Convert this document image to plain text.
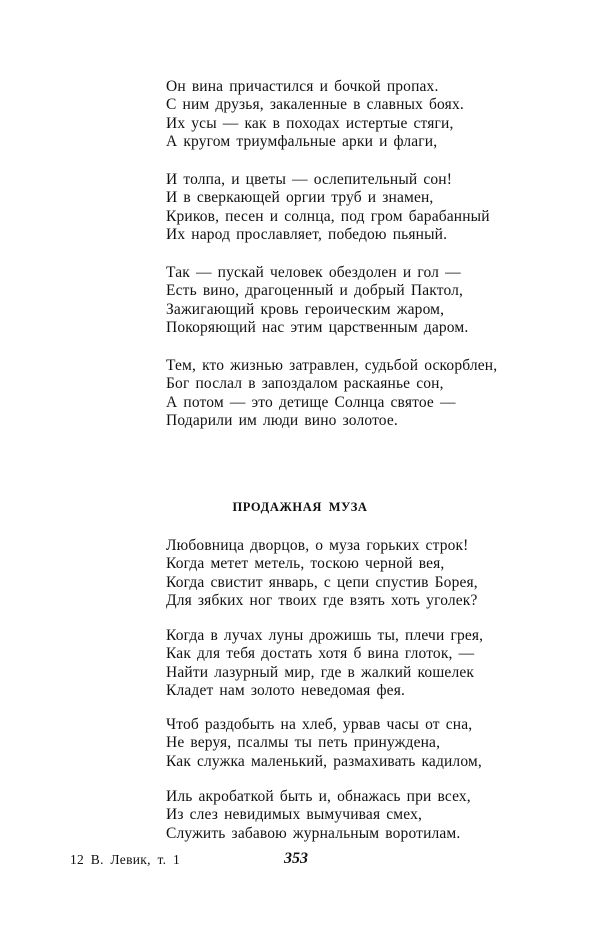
Он вина причастился и бочкой пропах.
С ним друзья, закаленные в славных боях.
Их усы — как в походах истертые стяги,
А кругом триумфальные арки и флаги,
И толпа, и цветы — ослепительный сон!
И в сверкающей оргии труб и знамен,
Криков, песен и солнца, под гром барабанный
Их народ прославляет, победою пьяный.
Так — пускай человек обездолен и гол —
Есть вино, драгоценный и добрый Пактол,
Зажигающий кровь героическим жаром,
Покоряющий нас этим царственным даром.
Тем, кто жизнью затравлен, судьбой оскорблен,
Бог послал в запоздалом раскаянье сон,
А потом — это детище Солнца святое —
Подарили им люди вино золотое.
ПРОДАЖНАЯ МУЗА
Любовница дворцов, о муза горьких строк!
Когда метет метель, тоскою черной вея,
Когда свистит январь, с цепи спустив Борея,
Для зябких ног твоих где взять хоть уголек?
Когда в лучах луны дрожишь ты, плечи грея,
Как для тебя достать хотя б вина глоток, —
Найти лазурный мир, где в жалкий кошелек
Кладет нам золото неведомая фея.
Чтоб раздобыть на хлеб, урвав часы от сна,
Не веруя, псалмы ты петь принуждена,
Как служка маленький, размахивать кадилом,
Иль акробаткой быть и, обнажась при всех,
Из слез невидимых вымучивая смех,
Служить забавою журнальным воротилам.
12 В. Левик, т. 1	353
